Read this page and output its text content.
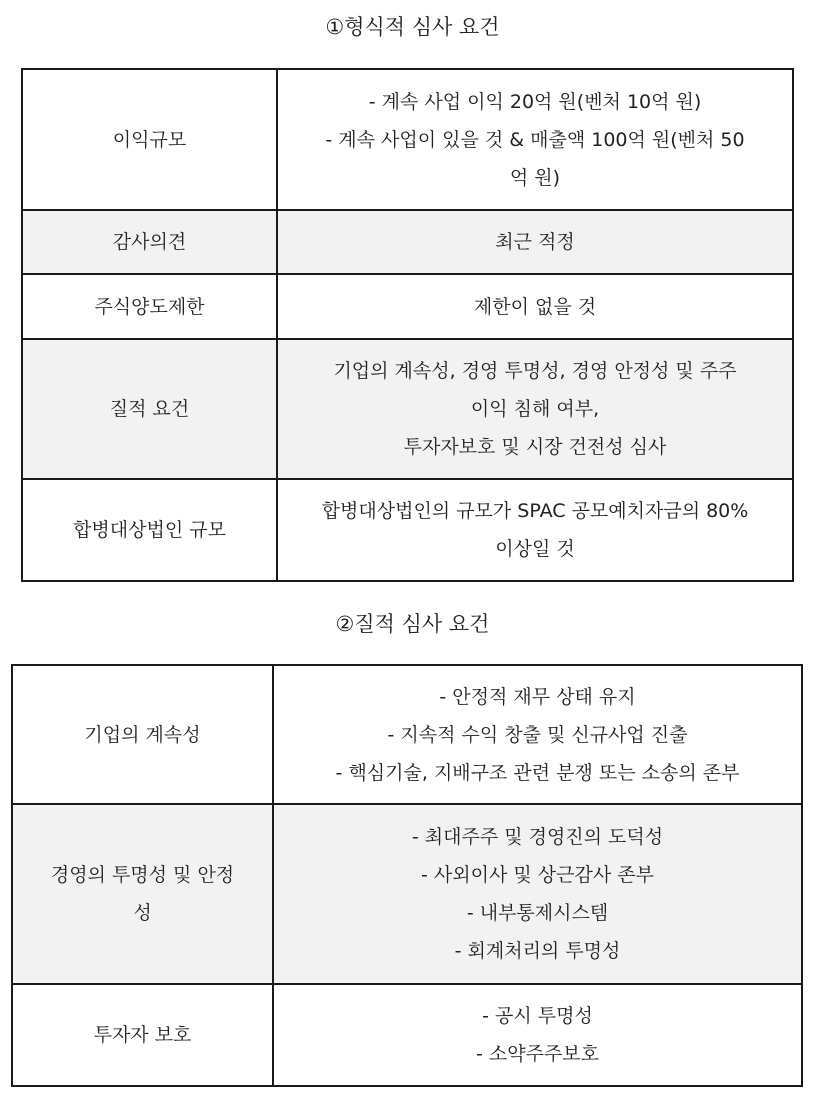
①형식적 심사 요건
이익규모	- 계속 사업 이익 20억 원(벤처 10억 원)
- 계속 사업이 있을 것 & 매출액 100억 원(벤처 50
억 원)

감사의견	최근 적정

주식양도제한	제한이 없을 것

질적 요건	기업의 계속성, 경영 투명성, 경영 안정성 및 주주
이익 침해 여부,
투자자보호 및 시장 건전성 심사

합병대상법인 규모	합병대상법인의 규모가 SPAC 공모예치자금의 80%
이상일 것
②질적 심사 요건
기업의 계속성	- 안정적 재무 상태 유지
- 지속적 수익 창출 및 신규사업 진출
- 핵심기술, 지배구조 관련 분쟁 또는 소송의 존부

경영의 투명성 및 안정
성	- 최대주주 및 경영진의 도덕성
- 사외이사 및 상근감사 존부
- 내부통제시스템
- 회계처리의 투명성

투자자 보호	- 공시 투명성
- 소약주주보호
